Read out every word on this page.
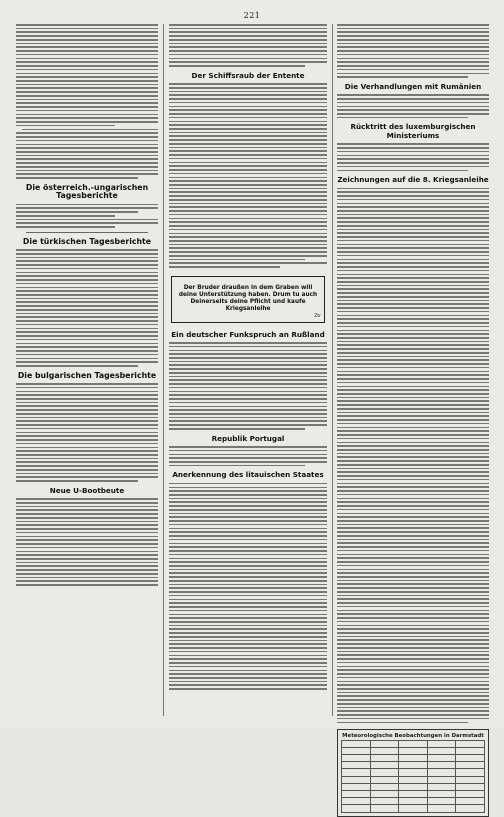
221
Die österreich.-ungarischen Tagesberichte
Die türkischen Tagesberichte
Die bulgarischen Tagesberichte
Neue U-Bootbeute
Der Schiffsraub der Entente
Der Bruder draußen in dem Graben will deine Unterstützung haben. Drum tu auch Deinerseits deine Pflicht und kaufe Kriegsanleihe
Ztr
Ein deutscher Funkspruch an Rußland
Republik Portugal
Anerkennung des litauischen Staates
Die Verhandlungen mit Rumänien
Rücktritt des luxemburgischen Ministeriums
Zeichnungen auf die 8. Kriegsanleihe
Meteorologische Beobachtungen in Darmstadt
